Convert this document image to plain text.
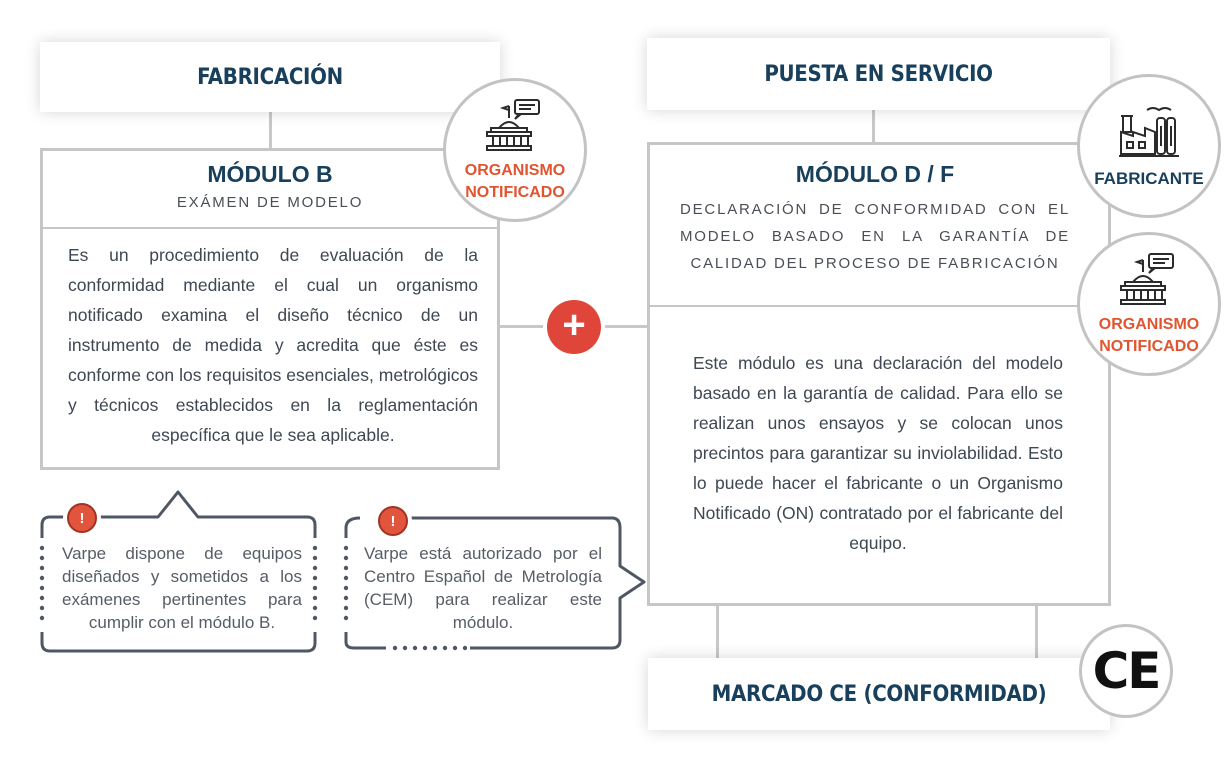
FABRICACIÓN	PUESTA EN SERVICIO
MÓDULO B
EXÁMEN DE MODELO
Es un procedimiento de evaluación de la conformidad mediante el cual un organismo notificado examina el diseño técnico de un instrumento de medida y acredita que éste es conforme con los requisitos esenciales, metrológicos y técnicos establecidos en la reglamentación específica que le sea aplicable.
MÓDULO D / F
DECLARACIÓN DE CONFORMIDAD CON EL MODELO BASADO EN LA GARANTÍA DE CALIDAD DEL PROCESO DE FABRICACIÓN
Este módulo es una declaración del modelo basado en la garantía de calidad. Para ello se realizan unos ensayos y se colocan unos precintos para garantizar su inviolabilidad. Esto lo puede hacer el fabricante o un Organismo Notificado (ON) contratado por el fabricante del equipo.
+
ORGANISMO
NOTIFICADO
FABRICANTE
ORGANISMO
NOTIFICADO
MARCADO CE (CONFORMIDAD) CE
!	!
Varpe dispone de equipos diseñados y sometidos a los exámenes pertinentes para cumplir con el módulo B.
Varpe está autorizado por el Centro Español de Metrología (CEM) para realizar este módulo.
